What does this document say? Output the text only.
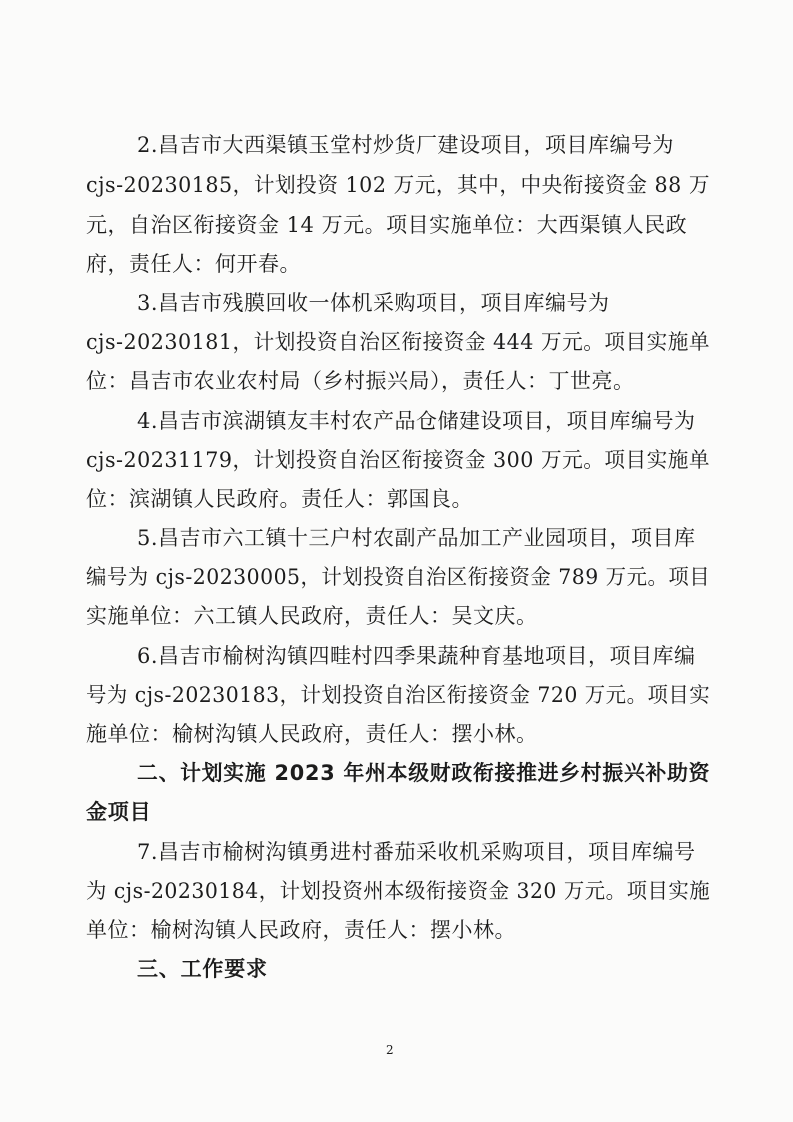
2.昌吉市大西渠镇玉堂村炒货厂建设项目，项目库编号为
cjs-20230185，计划投资 102 万元，其中，中央衔接资金 88 万
元，自治区衔接资金 14 万元。项目实施单位：大西渠镇人民政
府，责任人：何开春。
3.昌吉市残膜回收一体机采购项目，项目库编号为
cjs-20230181，计划投资自治区衔接资金 444 万元。项目实施单
位：昌吉市农业农村局（乡村振兴局），责任人：丁世亮。
4.昌吉市滨湖镇友丰村农产品仓储建设项目，项目库编号为
cjs-20231179，计划投资自治区衔接资金 300 万元。项目实施单
位：滨湖镇人民政府。责任人：郭国良。
5.昌吉市六工镇十三户村农副产品加工产业园项目，项目库
编号为 cjs-20230005，计划投资自治区衔接资金 789 万元。项目
实施单位：六工镇人民政府，责任人：吴文庆。
6.昌吉市榆树沟镇四畦村四季果蔬种育基地项目，项目库编
号为 cjs-20230183，计划投资自治区衔接资金 720 万元。项目实
施单位：榆树沟镇人民政府，责任人：摆小林。
二、计划实施 2023 年州本级财政衔接推进乡村振兴补助资
金项目
7.昌吉市榆树沟镇勇进村番茄采收机采购项目，项目库编号
为 cjs-20230184，计划投资州本级衔接资金 320 万元。项目实施
单位：榆树沟镇人民政府，责任人：摆小林。
三、工作要求
2
